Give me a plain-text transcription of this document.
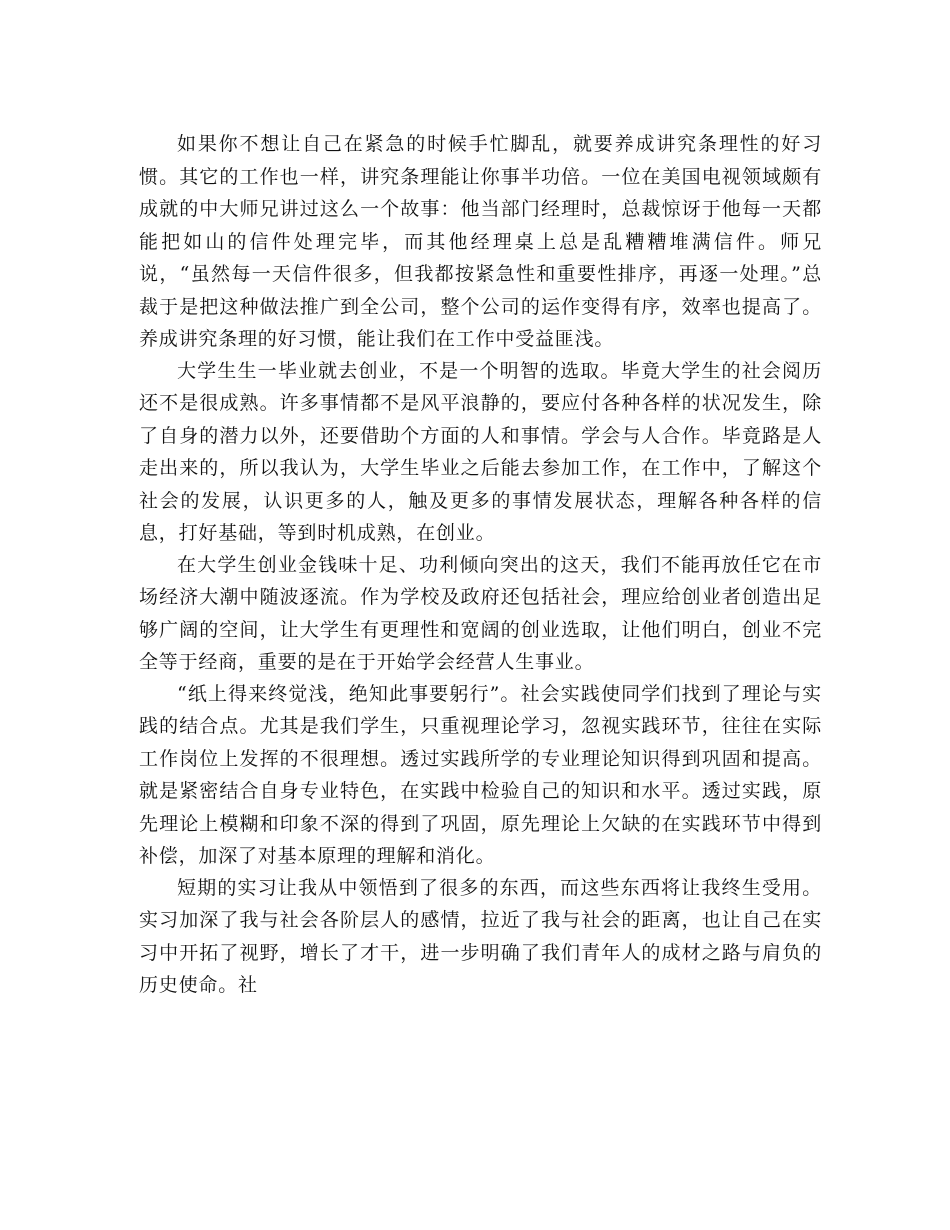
如果你不想让自己在紧急的时候手忙脚乱，就要养成讲究条理性的好习惯。其它的工作也一样，讲究条理能让你事半功倍。一位在美国电视领域颇有成就的中大师兄讲过这么一个故事：他当部门经理时，总裁惊讶于他每一天都能把如山的信件处理完毕，而其他经理桌上总是乱糟糟堆满信件。师兄说，“虽然每一天信件很多，但我都按紧急性和重要性排序，再逐一处理。”总裁于是把这种做法推广到全公司，整个公司的运作变得有序，效率也提高了。养成讲究条理的好习惯，能让我们在工作中受益匪浅。

大学生生一毕业就去创业，不是一个明智的选取。毕竟大学生的社会阅历还不是很成熟。许多事情都不是风平浪静的，要应付各种各样的状况发生，除了自身的潜力以外，还要借助个方面的人和事情。学会与人合作。毕竟路是人走出来的，所以我认为，大学生毕业之后能去参加工作，在工作中，了解这个社会的发展，认识更多的人，触及更多的事情发展状态，理解各种各样的信息，打好基础，等到时机成熟，在创业。

在大学生创业金钱味十足、功利倾向突出的这天，我们不能再放任它在市场经济大潮中随波逐流。作为学校及政府还包括社会，理应给创业者创造出足够广阔的空间，让大学生有更理性和宽阔的创业选取，让他们明白，创业不完全等于经商，重要的是在于开始学会经营人生事业。

“纸上得来终觉浅，绝知此事要躬行”。社会实践使同学们找到了理论与实践的结合点。尤其是我们学生，只重视理论学习，忽视实践环节，往往在实际工作岗位上发挥的不很理想。透过实践所学的专业理论知识得到巩固和提高。就是紧密结合自身专业特色，在实践中检验自己的知识和水平。透过实践，原先理论上模糊和印象不深的得到了巩固，原先理论上欠缺的在实践环节中得到补偿，加深了对基本原理的理解和消化。

短期的实习让我从中领悟到了很多的东西，而这些东西将让我终生受用。实习加深了我与社会各阶层人的感情，拉近了我与社会的距离，也让自己在实习中开拓了视野，增长了才干，进一步明确了我们青年人的成材之路与肩负的历史使命。社
